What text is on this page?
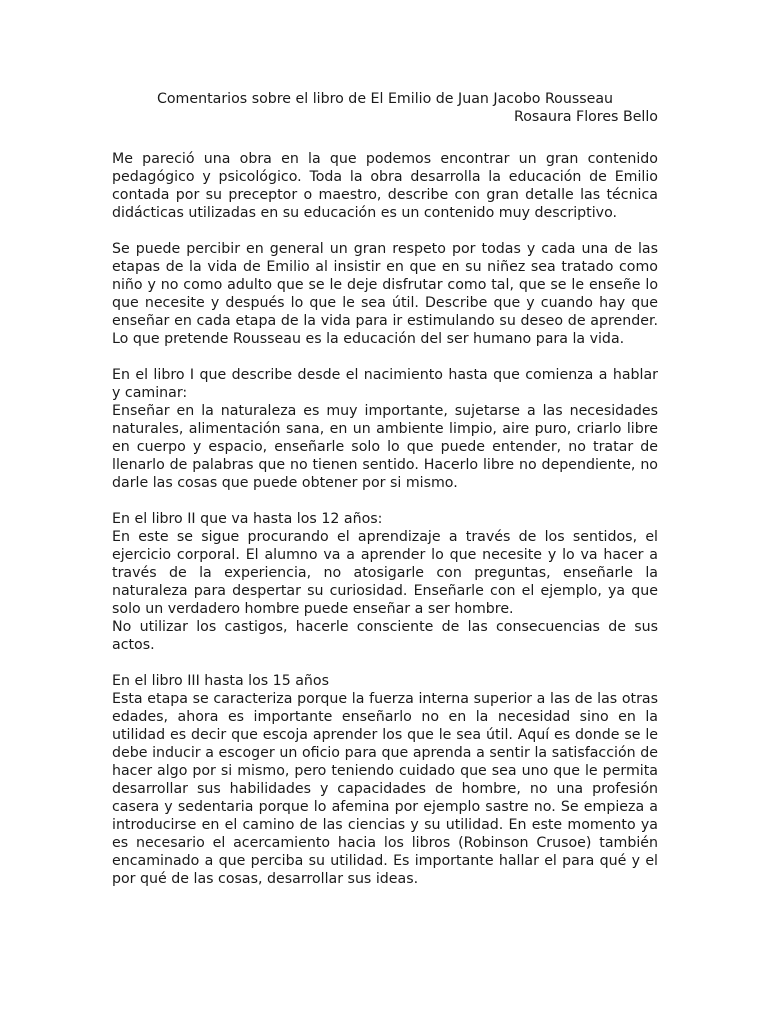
Comentarios sobre el libro de El Emilio de Juan Jacobo Rousseau

Rosaura Flores Bello

Me pareció una obra en la que podemos encontrar un gran contenido pedagógico y psicológico. Toda la obra desarrolla la educación de Emilio contada por su preceptor o maestro, describe con gran detalle las técnica didácticas utilizadas en su educación es un contenido muy descriptivo.

Se puede percibir en general un gran respeto por todas y cada una de las etapas de la vida de Emilio al insistir en que en su niñez sea tratado como niño y no como adulto que se le deje disfrutar como tal, que se le enseñe lo que necesite y después lo que le sea útil. Describe que y cuando hay que enseñar en cada etapa de la vida para ir estimulando su deseo de aprender. Lo que pretende Rousseau es la educación del ser humano para la vida.

En el libro I que describe desde el nacimiento hasta que comienza a hablar y caminar:

Enseñar en la naturaleza es muy importante, sujetarse a las necesidades naturales, alimentación sana, en un ambiente limpio, aire puro, criarlo libre en cuerpo y espacio, enseñarle solo lo que puede entender, no tratar de llenarlo de palabras que no tienen sentido. Hacerlo libre no dependiente, no darle las cosas que puede obtener por si mismo.

En el libro II que va hasta los 12 años:

En este se sigue procurando el aprendizaje a través de los sentidos, el ejercicio corporal. El alumno va a aprender lo que necesite y lo va hacer a través de la experiencia, no atosigarle con preguntas, enseñarle la naturaleza para despertar su curiosidad. Enseñarle con el ejemplo, ya que solo un verdadero hombre puede enseñar a ser hombre.

No utilizar los castigos, hacerle consciente de las consecuencias de sus actos.

En el libro III hasta los 15 años

Esta etapa se caracteriza porque la fuerza interna superior a las de las otras edades, ahora es importante enseñarlo no en la necesidad sino en la utilidad es decir que escoja aprender los que le sea útil. Aquí es donde se le debe inducir a escoger un oficio para que aprenda a sentir la satisfacción de hacer algo por si mismo, pero teniendo cuidado que sea uno que le permita desarrollar sus habilidades y capacidades de hombre, no una profesión casera y sedentaria porque lo afemina por ejemplo sastre no. Se empieza a introducirse en el camino de las ciencias y su utilidad. En este momento ya es necesario el acercamiento hacia los libros (Robinson Crusoe) también encaminado a que perciba su utilidad. Es importante hallar el para qué y el por qué de las cosas, desarrollar sus ideas.
